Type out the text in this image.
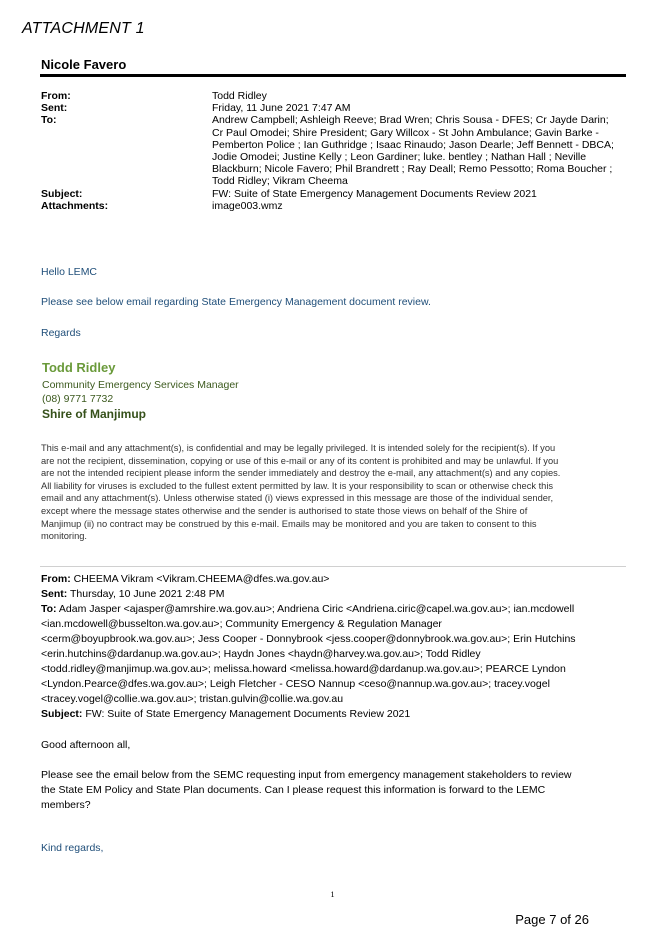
ATTACHMENT 1
Nicole Favero
From:	Todd Ridley
Sent:	Friday, 11 June 2021 7:47 AM
To:	Andrew Campbell; Ashleigh Reeve; Brad Wren; Chris Sousa - DFES; Cr Jayde Darin;
Cr Paul Omodei; Shire President; Gary Willcox - St John Ambulance; Gavin Barke -
Pemberton Police ; Ian Guthridge ; Isaac Rinaudo; Jason Dearle; Jeff Bennett - DBCA;
Jodie Omodei; Justine Kelly ; Leon Gardiner; luke. bentley ; Nathan Hall ; Neville
Blackburn; Nicole Favero; Phil Brandrett ; Ray Deall; Remo Pessotto; Roma Boucher ;
Todd Ridley; Vikram Cheema
Subject:	FW: Suite of State Emergency Management Documents Review 2021
Attachments:	image003.wmz
Hello LEMC
Please see below email regarding State Emergency Management document review.
Regards
Todd Ridley
Community Emergency Services Manager
(08) 9771 7732
Shire of Manjimup
This e-mail and any attachment(s), is confidential and may be legally privileged. It is intended solely for the recipient(s). If you
are not the recipient, dissemination, copying or use of this e-mail or any of its content is prohibited and may be unlawful. If you
are not the intended recipient please inform the sender immediately and destroy the e-mail, any attachment(s) and any copies.
All liability for viruses is excluded to the fullest extent permitted by law. It is your responsibility to scan or otherwise check this
email and any attachment(s). Unless otherwise stated (i) views expressed in this message are those of the individual sender,
except where the message states otherwise and the sender is authorised to state those views on behalf of the Shire of
Manjimup (ii) no contract may be construed by this e-mail. Emails may be monitored and you are taken to consent to this
monitoring.
From: CHEEMA Vikram <Vikram.CHEEMA@dfes.wa.gov.au>
Sent: Thursday, 10 June 2021 2:48 PM
To: Adam Jasper <ajasper@amrshire.wa.gov.au>; Andriena Ciric <Andriena.ciric@capel.wa.gov.au>; ian.mcdowell
<ian.mcdowell@busselton.wa.gov.au>; Community Emergency & Regulation Manager
<cerm@boyupbrook.wa.gov.au>; Jess Cooper - Donnybrook <jess.cooper@donnybrook.wa.gov.au>; Erin Hutchins
<erin.hutchins@dardanup.wa.gov.au>; Haydn Jones <haydn@harvey.wa.gov.au>; Todd Ridley
<todd.ridley@manjimup.wa.gov.au>; melissa.howard <melissa.howard@dardanup.wa.gov.au>; PEARCE Lyndon
<Lyndon.Pearce@dfes.wa.gov.au>; Leigh Fletcher - CESO Nannup <ceso@nannup.wa.gov.au>; tracey.vogel
<tracey.vogel@collie.wa.gov.au>; tristan.gulvin@collie.wa.gov.au
Subject: FW: Suite of State Emergency Management Documents Review 2021
Good afternoon all,
Please see the email below from the SEMC requesting input from emergency management stakeholders to review
the State EM Policy and State Plan documents. Can I please request this information is forward to the LEMC
members?
Kind regards,
1
Page 7 of 26
